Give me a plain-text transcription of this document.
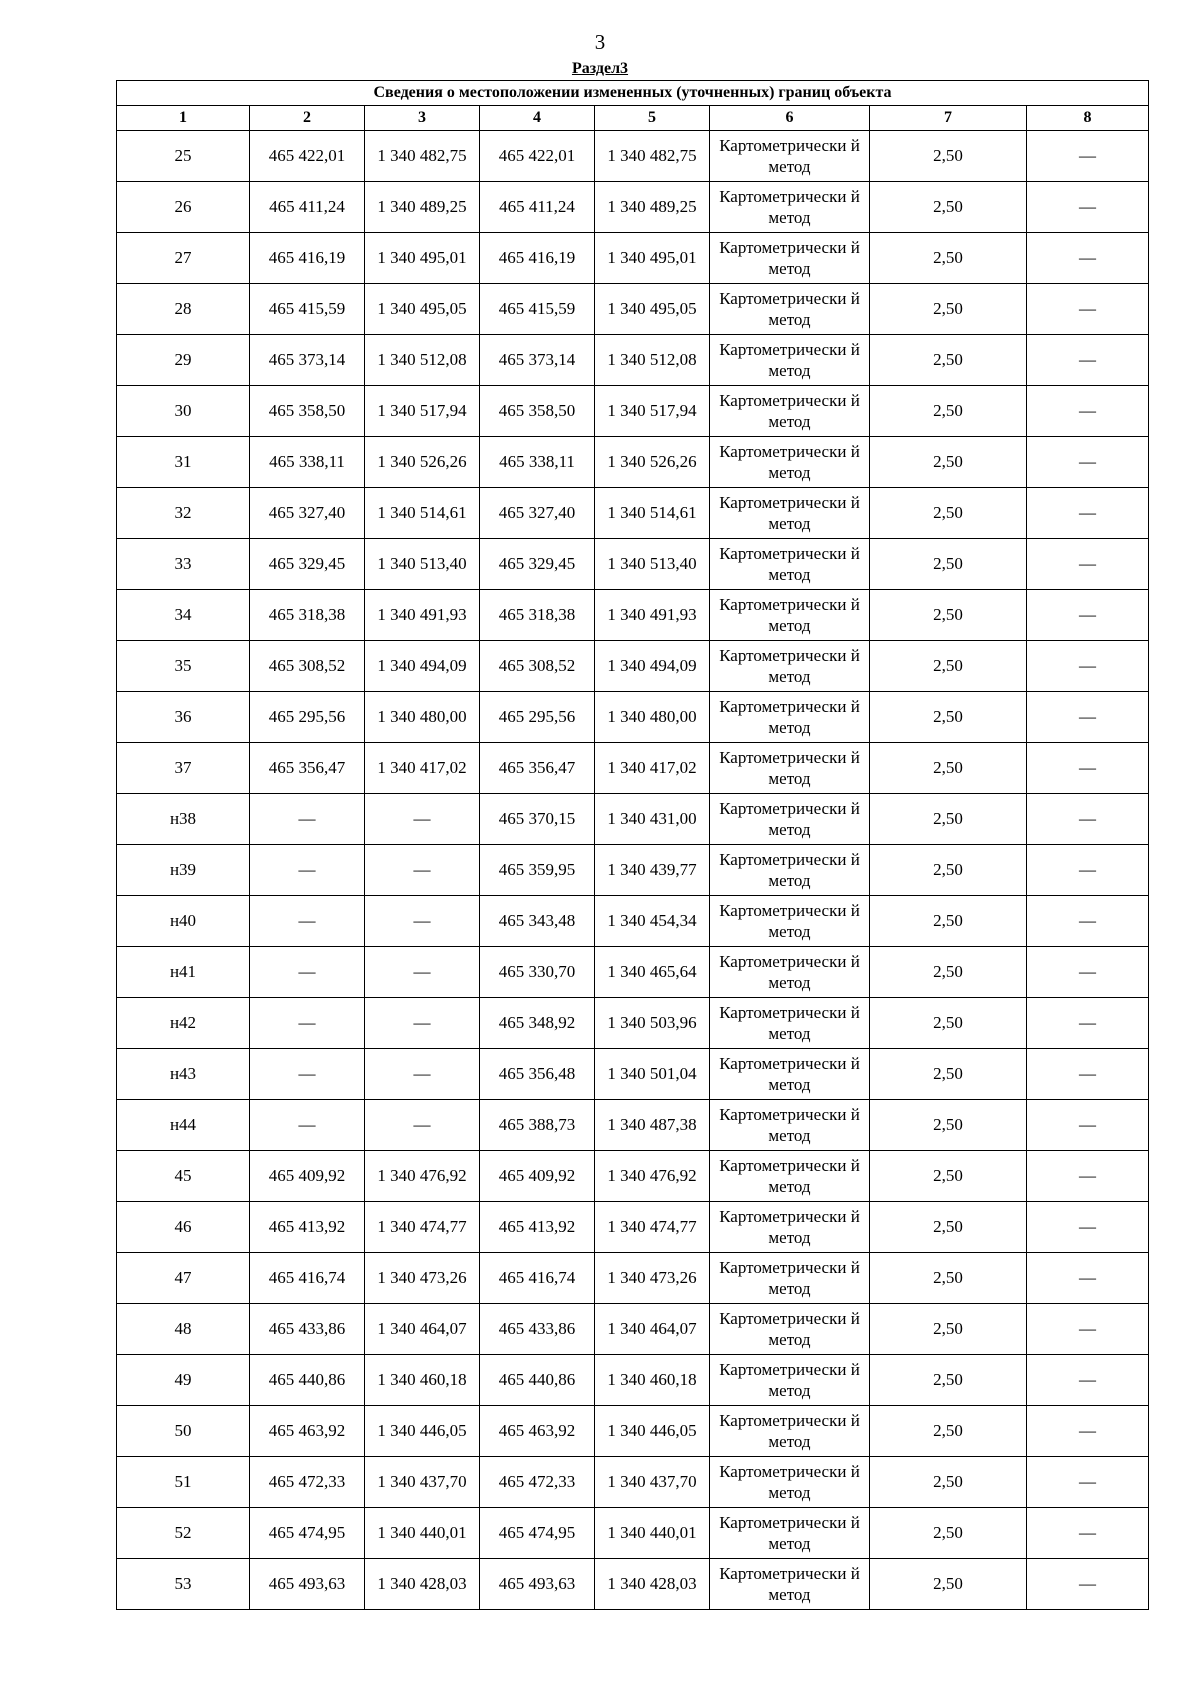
3
Раздел3
Сведения о местоположении измененных (уточненных) границ объекта							
1	2	3	4	5	6	7	8
25	465 422,01	1 340 482,75	465 422,01	1 340 482,75	Картометрически й метод	2,50	—
26	465 411,24	1 340 489,25	465 411,24	1 340 489,25	Картометрически й метод	2,50	—
27	465 416,19	1 340 495,01	465 416,19	1 340 495,01	Картометрически й метод	2,50	—
28	465 415,59	1 340 495,05	465 415,59	1 340 495,05	Картометрически й метод	2,50	—
29	465 373,14	1 340 512,08	465 373,14	1 340 512,08	Картометрически й метод	2,50	—
30	465 358,50	1 340 517,94	465 358,50	1 340 517,94	Картометрически й метод	2,50	—
31	465 338,11	1 340 526,26	465 338,11	1 340 526,26	Картометрически й метод	2,50	—
32	465 327,40	1 340 514,61	465 327,40	1 340 514,61	Картометрически й метод	2,50	—
33	465 329,45	1 340 513,40	465 329,45	1 340 513,40	Картометрически й метод	2,50	—
34	465 318,38	1 340 491,93	465 318,38	1 340 491,93	Картометрически й метод	2,50	—
35	465 308,52	1 340 494,09	465 308,52	1 340 494,09	Картометрически й метод	2,50	—
36	465 295,56	1 340 480,00	465 295,56	1 340 480,00	Картометрически й метод	2,50	—
37	465 356,47	1 340 417,02	465 356,47	1 340 417,02	Картометрически й метод	2,50	—
н38	—	—	465 370,15	1 340 431,00	Картометрически й метод	2,50	—
н39	—	—	465 359,95	1 340 439,77	Картометрически й метод	2,50	—
н40	—	—	465 343,48	1 340 454,34	Картометрически й метод	2,50	—
н41	—	—	465 330,70	1 340 465,64	Картометрически й метод	2,50	—
н42	—	—	465 348,92	1 340 503,96	Картометрически й метод	2,50	—
н43	—	—	465 356,48	1 340 501,04	Картометрически й метод	2,50	—
н44	—	—	465 388,73	1 340 487,38	Картометрически й метод	2,50	—
45	465 409,92	1 340 476,92	465 409,92	1 340 476,92	Картометрически й метод	2,50	—
46	465 413,92	1 340 474,77	465 413,92	1 340 474,77	Картометрически й метод	2,50	—
47	465 416,74	1 340 473,26	465 416,74	1 340 473,26	Картометрически й метод	2,50	—
48	465 433,86	1 340 464,07	465 433,86	1 340 464,07	Картометрически й метод	2,50	—
49	465 440,86	1 340 460,18	465 440,86	1 340 460,18	Картометрически й метод	2,50	—
50	465 463,92	1 340 446,05	465 463,92	1 340 446,05	Картометрически й метод	2,50	—
51	465 472,33	1 340 437,70	465 472,33	1 340 437,70	Картометрически й метод	2,50	—
52	465 474,95	1 340 440,01	465 474,95	1 340 440,01	Картометрически й метод	2,50	—
53	465 493,63	1 340 428,03	465 493,63	1 340 428,03	Картометрически й метод	2,50	—
